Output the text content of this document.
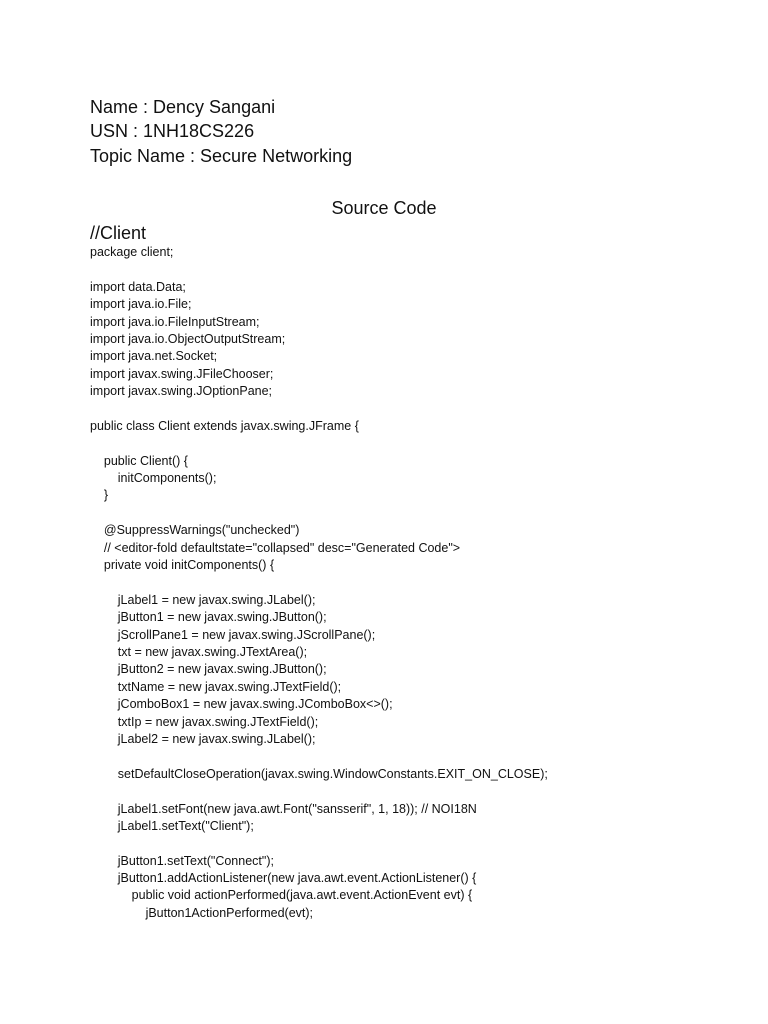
Name : Dency Sangani
USN : 1NH18CS226
Topic Name : Secure Networking
Source Code
//Client
package client;
import data.Data;
import java.io.File;
import java.io.FileInputStream;
import java.io.ObjectOutputStream;
import java.net.Socket;
import javax.swing.JFileChooser;
import javax.swing.JOptionPane;
public class Client extends javax.swing.JFrame {
public Client() {
initComponents();
}
@SuppressWarnings("unchecked")
// <editor-fold defaultstate="collapsed" desc="Generated Code">
private void initComponents() {
jLabel1 = new javax.swing.JLabel();
jButton1 = new javax.swing.JButton();
jScrollPane1 = new javax.swing.JScrollPane();
txt = new javax.swing.JTextArea();
jButton2 = new javax.swing.JButton();
txtName = new javax.swing.JTextField();
jComboBox1 = new javax.swing.JComboBox<>();
txtIp = new javax.swing.JTextField();
jLabel2 = new javax.swing.JLabel();
setDefaultCloseOperation(javax.swing.WindowConstants.EXIT_ON_CLOSE);
jLabel1.setFont(new java.awt.Font("sansserif", 1, 18)); // NOI18N
jLabel1.setText("Client");
jButton1.setText("Connect");
jButton1.addActionListener(new java.awt.event.ActionListener() {
public void actionPerformed(java.awt.event.ActionEvent evt) {
jButton1ActionPerformed(evt);
